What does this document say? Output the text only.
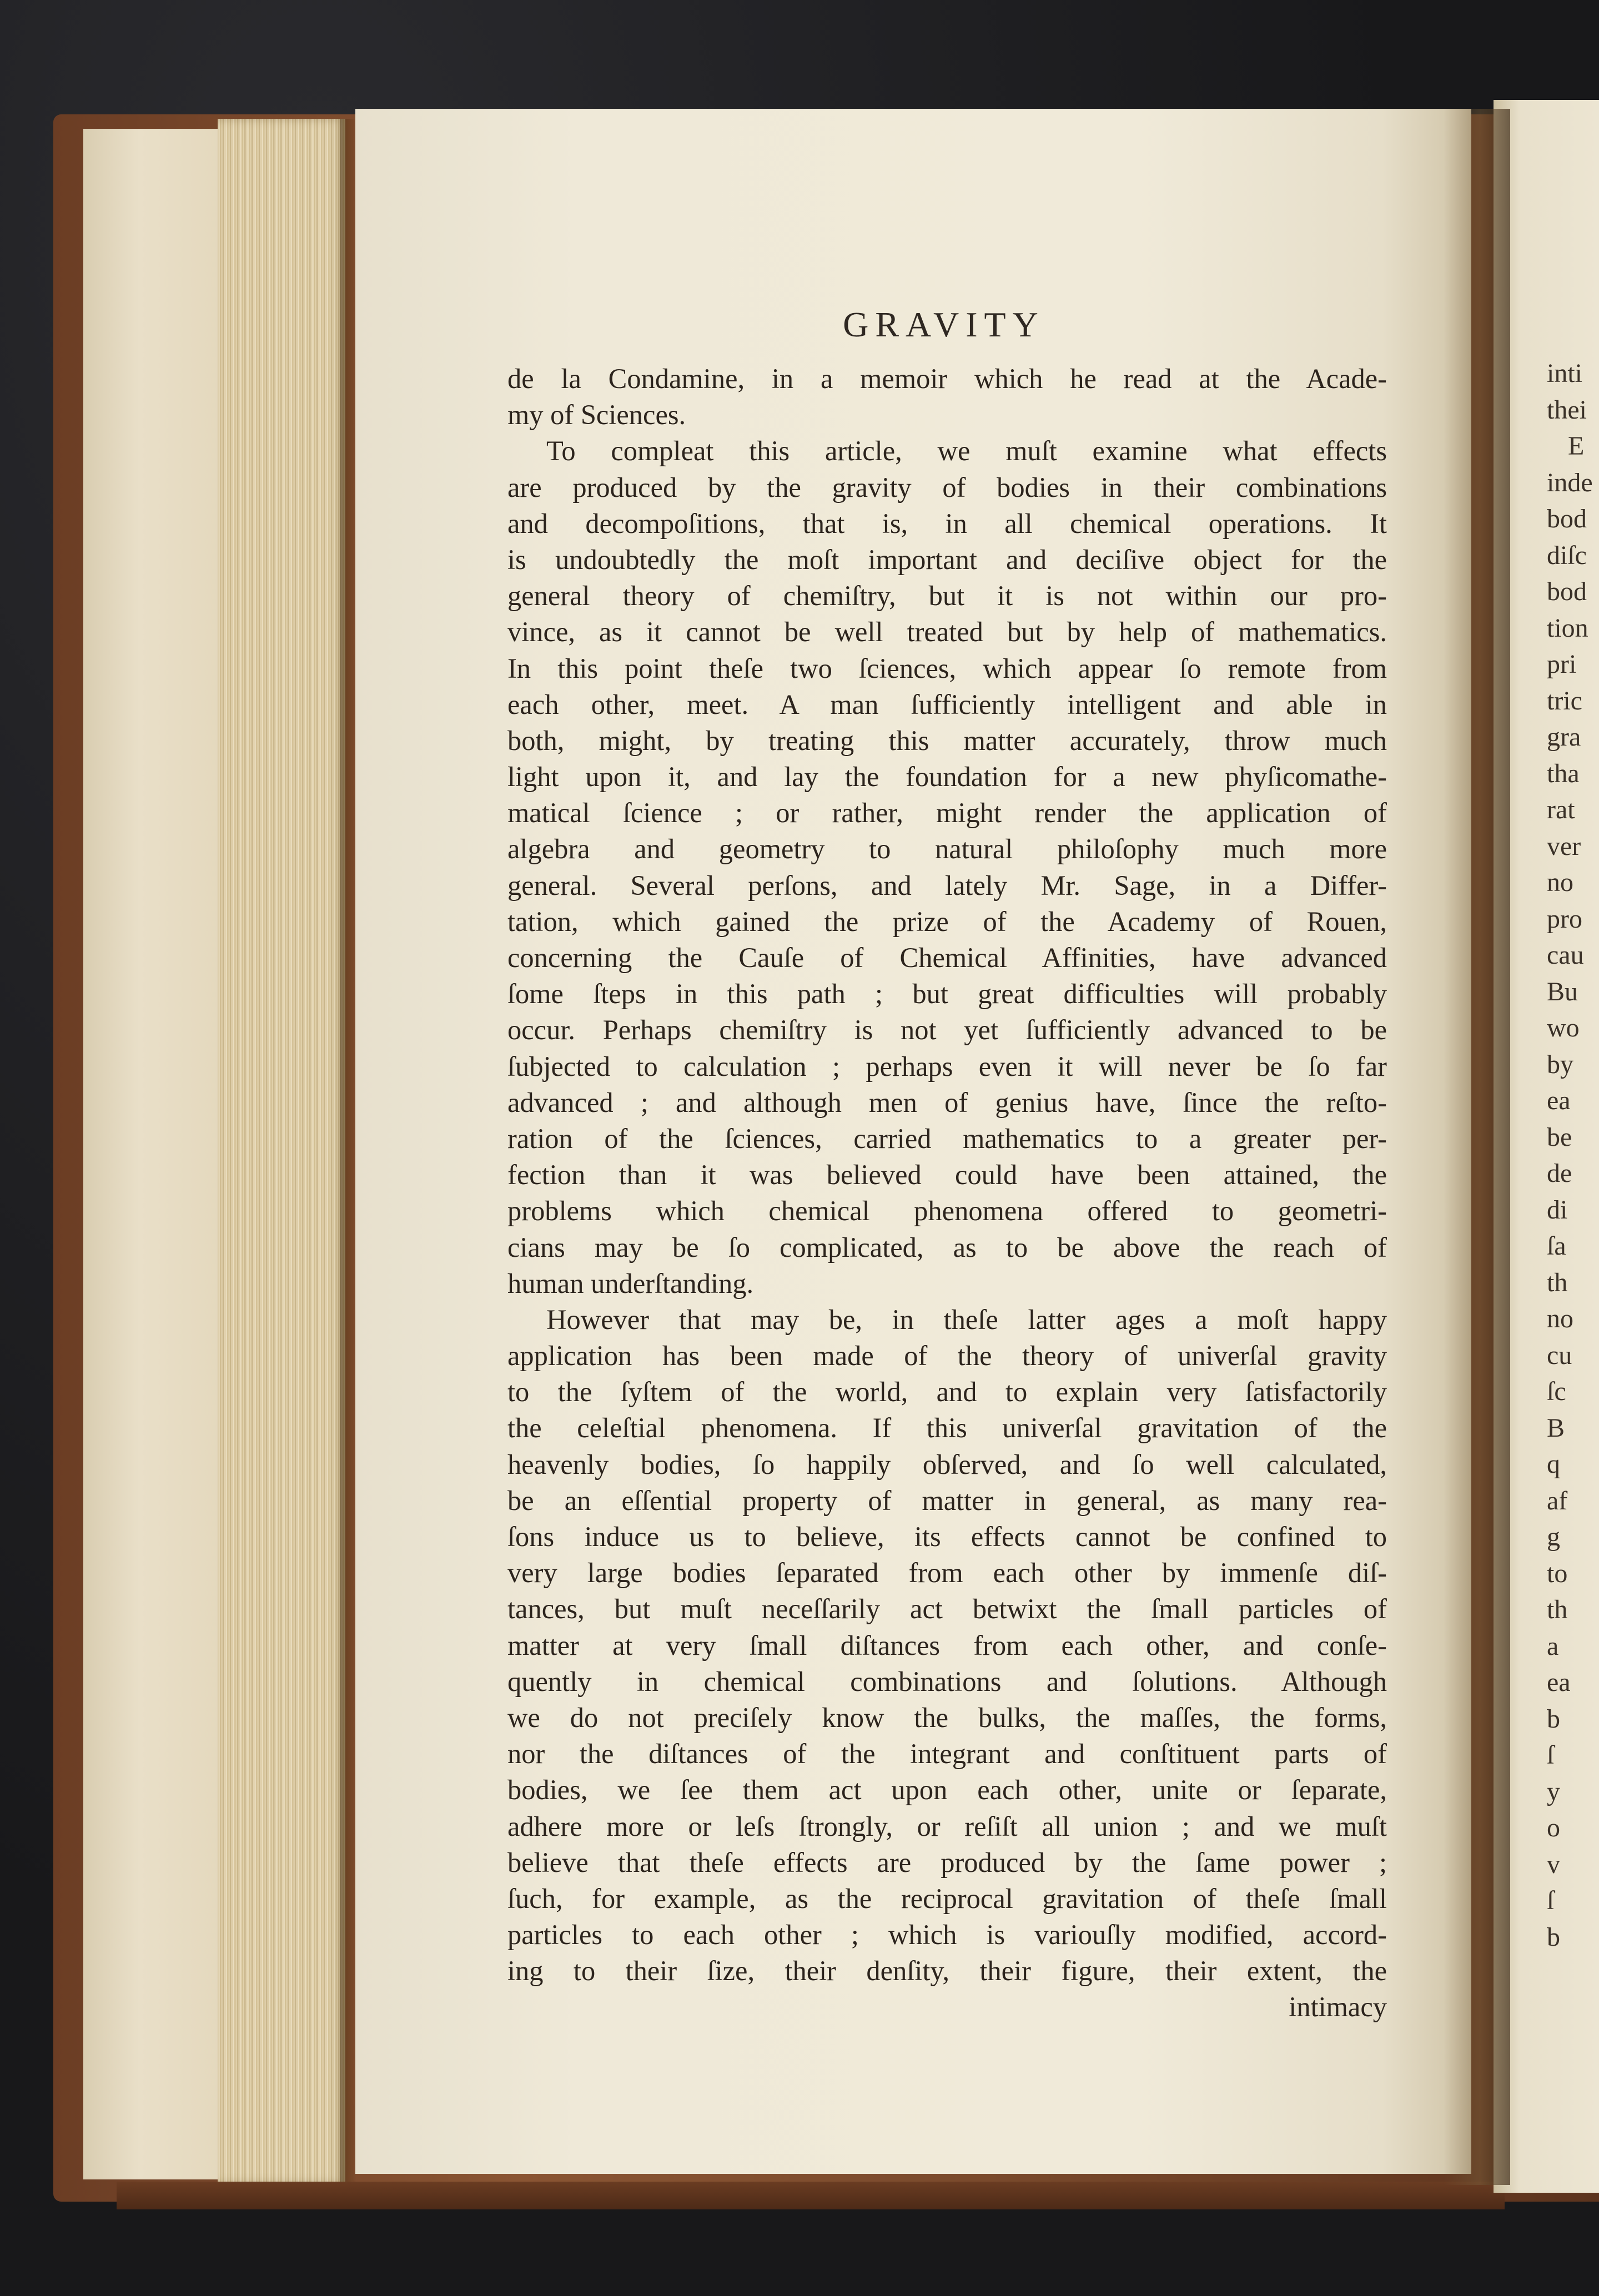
GRAVITY
de la Condamine, in a memoir which he read at the Acade-
my of Sciences.
To compleat this article, we muſt examine what effects
are produced by the gravity of bodies in their combinations
and decompoſitions, that is, in all chemical operations. It
is undoubtedly the moſt important and deciſive object for the
general theory of chemiſtry, but it is not within our pro-
vince, as it cannot be well treated but by help of mathematics.
In this point theſe two ſciences, which appear ſo remote from
each other, meet. A man ſufficiently intelligent and able in
both, might, by treating this matter accurately, throw much
light upon it, and lay the foundation for a new phyſicomathe-
matical ſcience ; or rather, might render the application of
algebra and geometry to natural philoſophy much more
general. Several perſons, and lately Mr. Sage, in a Differ-
tation, which gained the prize of the Academy of Rouen,
concerning the Cauſe of Chemical Affinities, have advanced
ſome ſteps in this path ; but great difficulties will probably
occur. Perhaps chemiſtry is not yet ſufficiently advanced to be
ſubjected to calculation ; perhaps even it will never be ſo far
advanced ; and although men of genius have, ſince the reſto-
ration of the ſciences, carried mathematics to a greater per-
fection than it was believed could have been attained, the
problems which chemical phenomena offered to geometri-
cians may be ſo complicated, as to be above the reach of
human underſtanding.
However that may be, in theſe latter ages a moſt happy
application has been made of the theory of univerſal gravity
to the ſyſtem of the world, and to explain very ſatisfactorily
the celeſtial phenomena. If this univerſal gravitation of the
heavenly bodies, ſo happily obſerved, and ſo well calculated,
be an eſſential property of matter in general, as many rea-
ſons induce us to believe, its effects cannot be confined to
very large bodies ſeparated from each other by immenſe diſ-
tances, but muſt neceſſarily act betwixt the ſmall particles of
matter at very ſmall diſtances from each other, and conſe-
quently in chemical combinations and ſolutions. Although
we do not preciſely know the bulks, the maſſes, the forms,
nor the diſtances of the integrant and conſtituent parts of
bodies, we ſee them act upon each other, unite or ſeparate,
adhere more or leſs ſtrongly, or reſiſt all union ; and we muſt
believe that theſe effects are produced by the ſame power ;
ſuch, for example, as the reciprocal gravitation of theſe ſmall
particles to each other ; which is variouſly modified, accord-
ing to their ſize, their denſity, their figure, their extent, the
intimacy
inti
thei
E
inde
bod
diſc
bod
tion
pri
tric
gra
tha
rat
ver
no
pro
cau
Bu
wo
by
ea
be
de
di
ſa
th
no
cu
ſc
B
q
af
g
to
th
a
ea
b
ſ
y
o
v
ſ
b
